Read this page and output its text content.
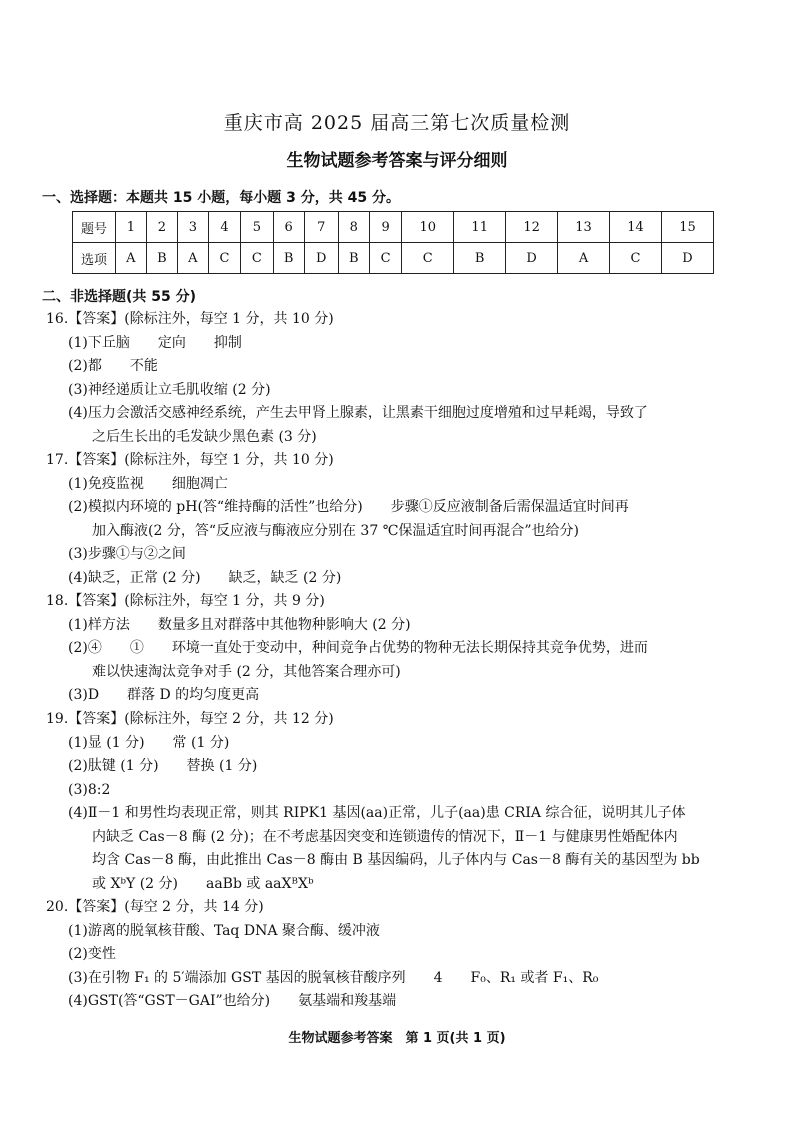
重庆市高 2025 届高三第七次质量检测
生物试题参考答案与评分细则
一、选择题：本题共 15 小题，每小题 3 分，共 45 分。
题号	1	2	3	4	5	6	7	8	9	10	11	12	13	14	15
选项	A	B	A	C	C	B	D	B	C	C	B	D	A	C	D
二、非选择题(共 55 分)
16.【答案】(除标注外，每空 1 分，共 10 分)
(1)下丘脑　　定向　　抑制
(2)都　　不能
(3)神经递质让立毛肌收缩 (2 分)
(4)压力会激活交感神经系统，产生去甲肾上腺素，让黑素干细胞过度增殖和过早耗竭，导致了
之后生长出的毛发缺少黑色素 (3 分)
17.【答案】(除标注外，每空 1 分，共 10 分)
(1)免疫监视　　细胞凋亡
(2)模拟内环境的 pH(答“维持酶的活性”也给分)　　步骤①反应液制备后需保温适宜时间再
加入酶液(2 分，答“反应液与酶液应分别在 37 ℃保温适宜时间再混合”也给分)
(3)步骤①与②之间
(4)缺乏，正常 (2 分)　　缺乏，缺乏 (2 分)
18.【答案】(除标注外，每空 1 分，共 9 分)
(1)样方法　　数量多且对群落中其他物种影响大 (2 分)
(2)④　　①　　环境一直处于变动中，种间竞争占优势的物种无法长期保持其竞争优势，进而
难以快速淘汰竞争对手 (2 分，其他答案合理亦可)
(3)D　　群落 D 的均匀度更高
19.【答案】(除标注外，每空 2 分，共 12 分)
(1)显 (1 分)　　常 (1 分)
(2)肽键 (1 分)　　替换 (1 分)
(3)8:2
(4)Ⅱ－1 和男性均表现正常，则其 RIPK1 基因(aa)正常，儿子(aa)患 CRIA 综合征，说明其儿子体
内缺乏 Cas－8 酶 (2 分)；在不考虑基因突变和连锁遗传的情况下，Ⅱ－1 与健康男性婚配体内
均含 Cas－8 酶，由此推出 Cas－8 酶由 B 基因编码，儿子体内与 Cas－8 酶有关的基因型为 bb
或 XᵇY (2 分)　　aaBb 或 aaXᴮXᵇ
20.【答案】(每空 2 分，共 14 分)
(1)游离的脱氧核苷酸、Taq DNA 聚合酶、缓冲液
(2)变性
(3)在引物 F₁ 的 5′端添加 GST 基因的脱氧核苷酸序列　　4　　F₀、R₁ 或者 F₁、R₀
(4)GST(答“GST－GAI”也给分)　　氨基端和羧基端
生物试题参考答案　第 1 页(共 1 页)
